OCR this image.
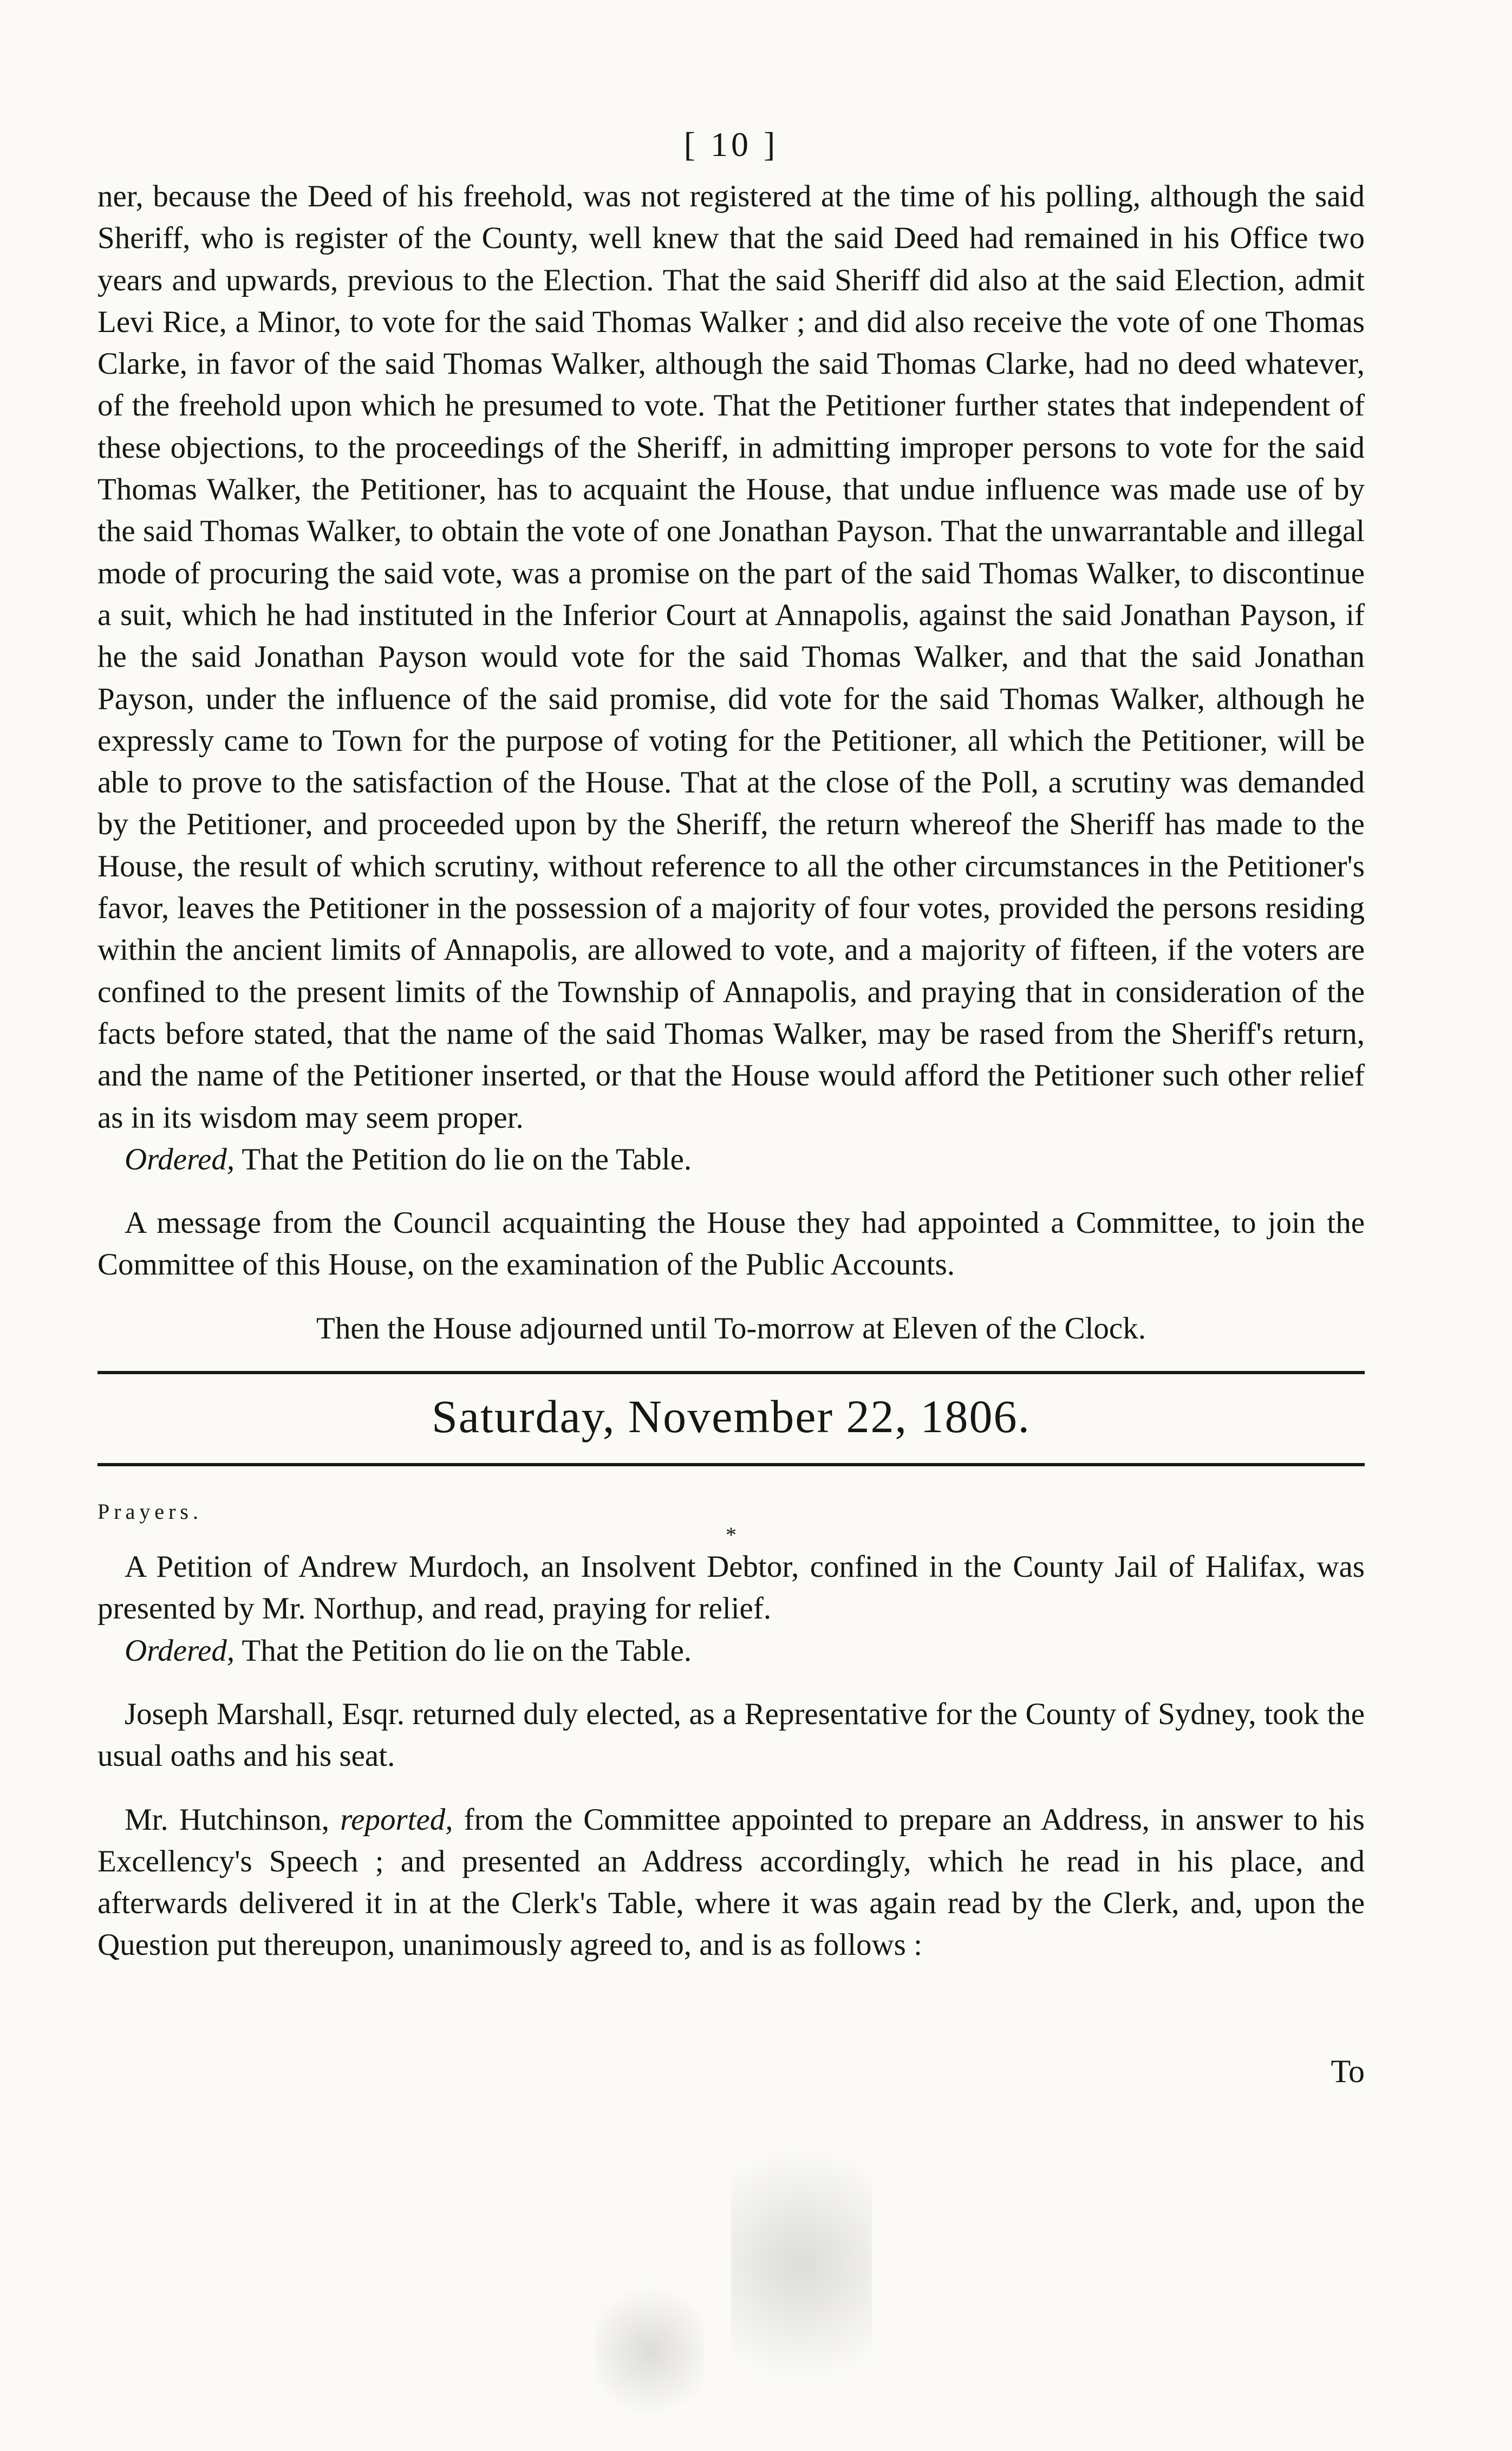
[ 10 ]

ner, because the Deed of his freehold, was not registered at the time of his polling, although the said Sheriff, who is register of the County, well knew that the said Deed had remained in his Office two years and upwards, previous to the Election. That the said Sheriff did also at the said Election, admit Levi Rice, a Minor, to vote for the said Thomas Walker ; and did also receive the vote of one Thomas Clarke, in favor of the said Thomas Walker, although the said Thomas Clarke, had no deed whatever, of the freehold upon which he presumed to vote. That the Petitioner further states that independent of these objections, to the proceedings of the Sheriff, in admitting improper persons to vote for the said Thomas Walker, the Petitioner, has to acquaint the House, that undue influence was made use of by the said Thomas Walker, to obtain the vote of one Jonathan Payson. That the unwarrantable and illegal mode of procuring the said vote, was a promise on the part of the said Thomas Walker, to discontinue a suit, which he had instituted in the Inferior Court at Annapolis, against the said Jonathan Payson, if he the said Jonathan Payson would vote for the said Thomas Walker, and that the said Jonathan Payson, under the influence of the said promise, did vote for the said Thomas Walker, although he expressly came to Town for the purpose of voting for the Petitioner, all which the Petitioner, will be able to prove to the satisfaction of the House. That at the close of the Poll, a scrutiny was demanded by the Petitioner, and proceeded upon by the Sheriff, the return whereof the Sheriff has made to the House, the result of which scrutiny, without reference to all the other circumstances in the Petitioner's favor, leaves the Petitioner in the possession of a majority of four votes, provided the persons residing within the ancient limits of Annapolis, are allowed to vote, and a majority of fifteen, if the voters are confined to the present limits of the Township of Annapolis, and praying that in consideration of the facts before stated, that the name of the said Thomas Walker, may be rased from the Sheriff's return, and the name of the Petitioner inserted, or that the House would afford the Petitioner such other relief as in its wisdom may seem proper.

Ordered, That the Petition do lie on the Table.

A message from the Council acquainting the House they had appointed a Committee, to join the Committee of this House, on the examination of the Public Accounts.

Then the House adjourned until To-morrow at Eleven of the Clock.

Saturday, November 22, 1806.

Prayers.

*

A Petition of Andrew Murdoch, an Insolvent Debtor, confined in the County Jail of Halifax, was presented by Mr. Northup, and read, praying for relief.

Ordered, That the Petition do lie on the Table.

Joseph Marshall, Esqr. returned duly elected, as a Representative for the County of Sydney, took the usual oaths and his seat.

Mr. Hutchinson, reported, from the Committee appointed to prepare an Address, in answer to his Excellency's Speech ; and presented an Address accordingly, which he read in his place, and afterwards delivered it in at the Clerk's Table, where it was again read by the Clerk, and, upon the Question put thereupon, unanimously agreed to, and is as follows :

To
